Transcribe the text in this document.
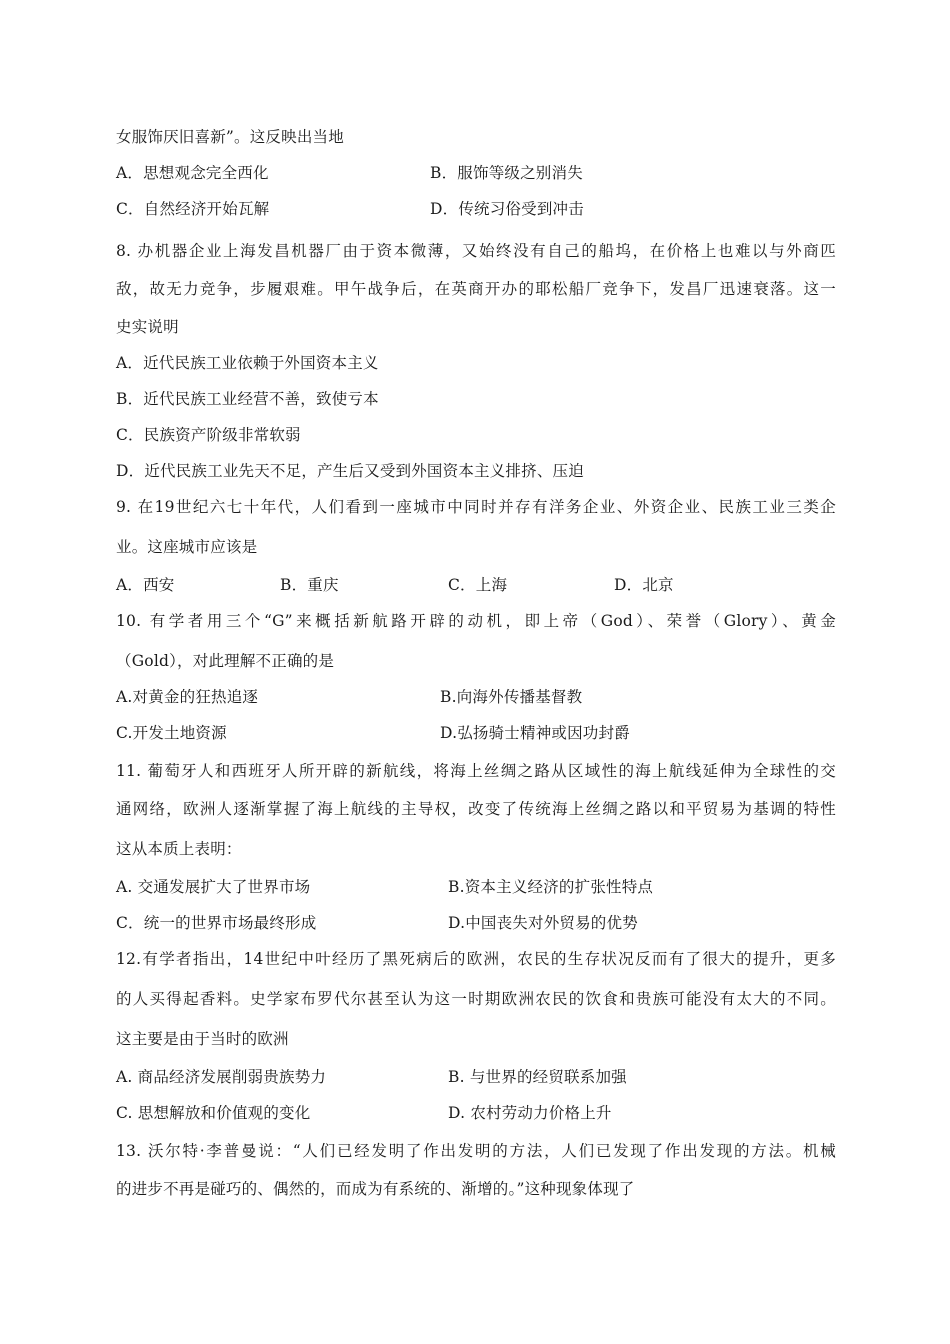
女服饰厌旧喜新”。这反映出当地
A．思想观念完全西化	B．服饰等级之别消失
C．自然经济开始瓦解	D．传统习俗受到冲击
8. 办机器企业上海发昌机器厂由于资本微薄，又始终没有自己的船坞，在价格上也难以与外商匹
敌，故无力竞争，步履艰难。甲午战争后，在英商开办的耶松船厂竞争下，发昌厂迅速衰落。这一
史实说明
A．近代民族工业依赖于外国资本主义
B．近代民族工业经营不善，致使亏本
C．民族资产阶级非常软弱
D．近代民族工业先天不足，产生后又受到外国资本主义排挤、压迫
9. 在19世纪六七十年代，人们看到一座城市中同时并存有洋务企业、外资企业、民族工业三类企
业。这座城市应该是
A．西安	B．重庆	C．上海	D．北京
10. 有学者用三个“G”来概括新航路开辟的动机，即上帝（God）、荣誉（Glory）、黄金
（Gold），对此理解不正确的是
A.对黄金的狂热追逐	B.向海外传播基督教
C.开发土地资源	D.弘扬骑士精神或因功封爵
11. 葡萄牙人和西班牙人所开辟的新航线，将海上丝绸之路从区域性的海上航线延伸为全球性的交
通网络，欧洲人逐渐掌握了海上航线的主导权，改变了传统海上丝绸之路以和平贸易为基调的特性
这从本质上表明：
A. 交通发展扩大了世界市场	B.资本主义经济的扩张性特点
C．统一的世界市场最终形成	D.中国丧失对外贸易的优势
12.有学者指出，14世纪中叶经历了黑死病后的欧洲，农民的生存状况反而有了很大的提升，更多
的人买得起香料。史学家布罗代尔甚至认为这一时期欧洲农民的饮食和贵族可能没有太大的不同。
这主要是由于当时的欧洲
A. 商品经济发展削弱贵族势力	B. 与世界的经贸联系加强
C. 思想解放和价值观的变化	D. 农村劳动力价格上升
13. 沃尔特·李普曼说：“人们已经发明了作出发明的方法，人们已发现了作出发现的方法。机械
的进步不再是碰巧的、偶然的，而成为有系统的、渐增的。”这种现象体现了
